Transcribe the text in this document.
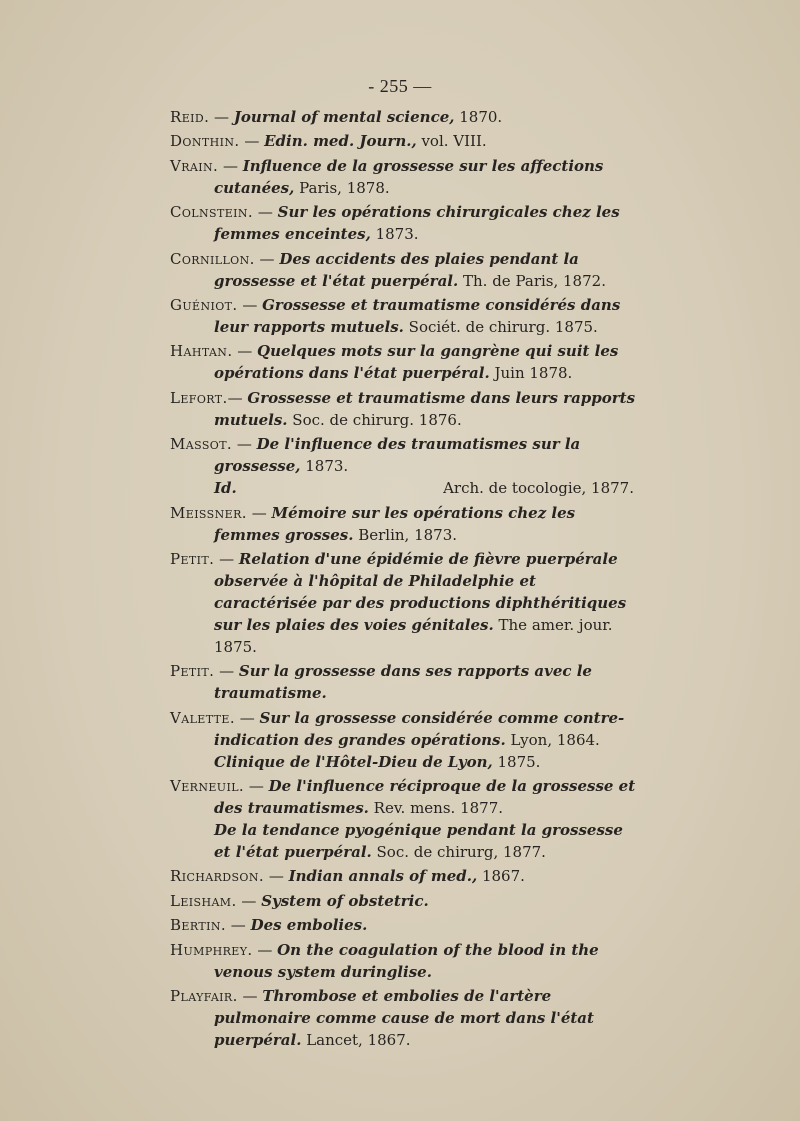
- 255 —
Reid. — Journal of mental science, 1870.
Donthin. — Edin. med. Journ., vol. VIII.
Vrain. — Influence de la grossesse sur les affections cutanées, Paris, 1878.
Colnstein. — Sur les opérations chirurgicales chez les femmes enceintes, 1873.
Cornillon. — Des accidents des plaies pendant la grossesse et l'état puerpéral. Th. de Paris, 1872.
Guéniot. — Grossesse et traumatisme considérés dans leur rapports mutuels. Sociét. de chirurg. 1875.
Hahtan. — Quelques mots sur la gangrène qui suit les opérations dans l'état puerpéral. Juin 1878.
Lefort.— Grossesse et traumatisme dans leurs rapports mutuels. Soc. de chirurg. 1876.
Massot. — De l'influence des traumatismes sur la grossesse, 1873.
Id.	Arch. de tocologie, 1877.
Meissner. — Mémoire sur les opérations chez les femmes grosses. Berlin, 1873.
Petit. — Relation d'une épidémie de fièvre puerpérale observée à l'hôpital de Philadelphie et caractérisée par des productions diphthéritiques sur les plaies des voies génitales. The amer. jour. 1875.
Petit. — Sur la grossesse dans ses rapports avec le traumatisme.
Valette. — Sur la grossesse considérée comme contre-indication des grandes opérations. Lyon, 1864.
Clinique de l'Hôtel-Dieu de Lyon, 1875.
Verneuil. — De l'influence réciproque de la grossesse et des traumatismes. Rev. mens. 1877.
De la tendance pyogénique pendant la grossesse et l'état puerpéral. Soc. de chirurg, 1877.
Richardson. — Indian annals of med., 1867.
Leisham. — System of obstetric.
Bertin. — Des embolies.
Humphrey. — On the coagulation of the blood in the venous system duringlise.
Playfair. — Thrombose et embolies de l'artère pulmonaire comme cause de mort dans l'état puerpéral. Lancet, 1867.
